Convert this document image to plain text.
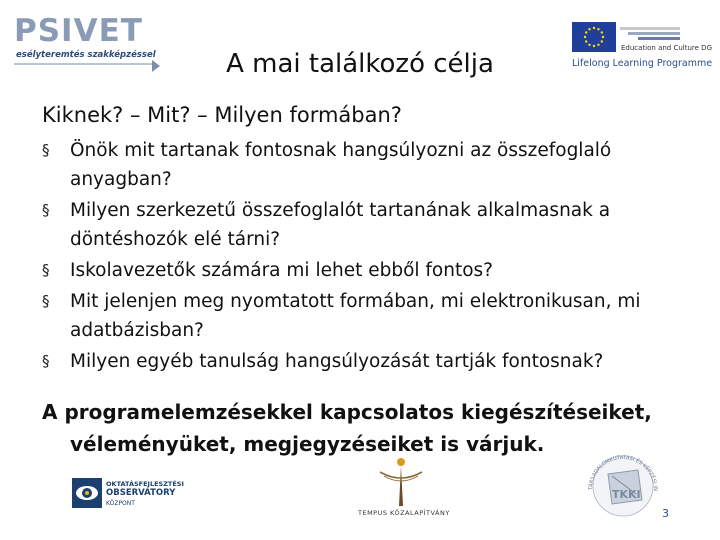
PSIVET
esélyteremtés szakképzéssel	A mai találkozó célja
Education and Culture DG
Lifelong Learning Programme
Kiknek? – Mit? – Milyen formában?
§ Önök mit tartanak fontosnak hangsúlyozni az összefoglaló anyagban?
§ Milyen szerkezetű összefoglalót tartanának alkalmasnak a döntéshozók elé tárni?
§ Iskolavezetők számára mi lehet ebből fontos?
§ Mit jelenjen meg nyomtatott formában, mi elektronikusan, mi adatbázisban?
§ Milyen egyéb tanulság hangsúlyozását tartják fontosnak?
A programelemzésekkel kapcsolatos kiegészítéseiket, véleményüket, megjegyzéseiket is várjuk.
OKTATÁSFEJLESZTÉSI
OBSERVATORY
KÖZPONT
TEMPUS KÖZALAPÍTVÁNY
TÁRSADALOMKUTATÁSI ÉS KÉPZÉSI IN
TKKI
3
